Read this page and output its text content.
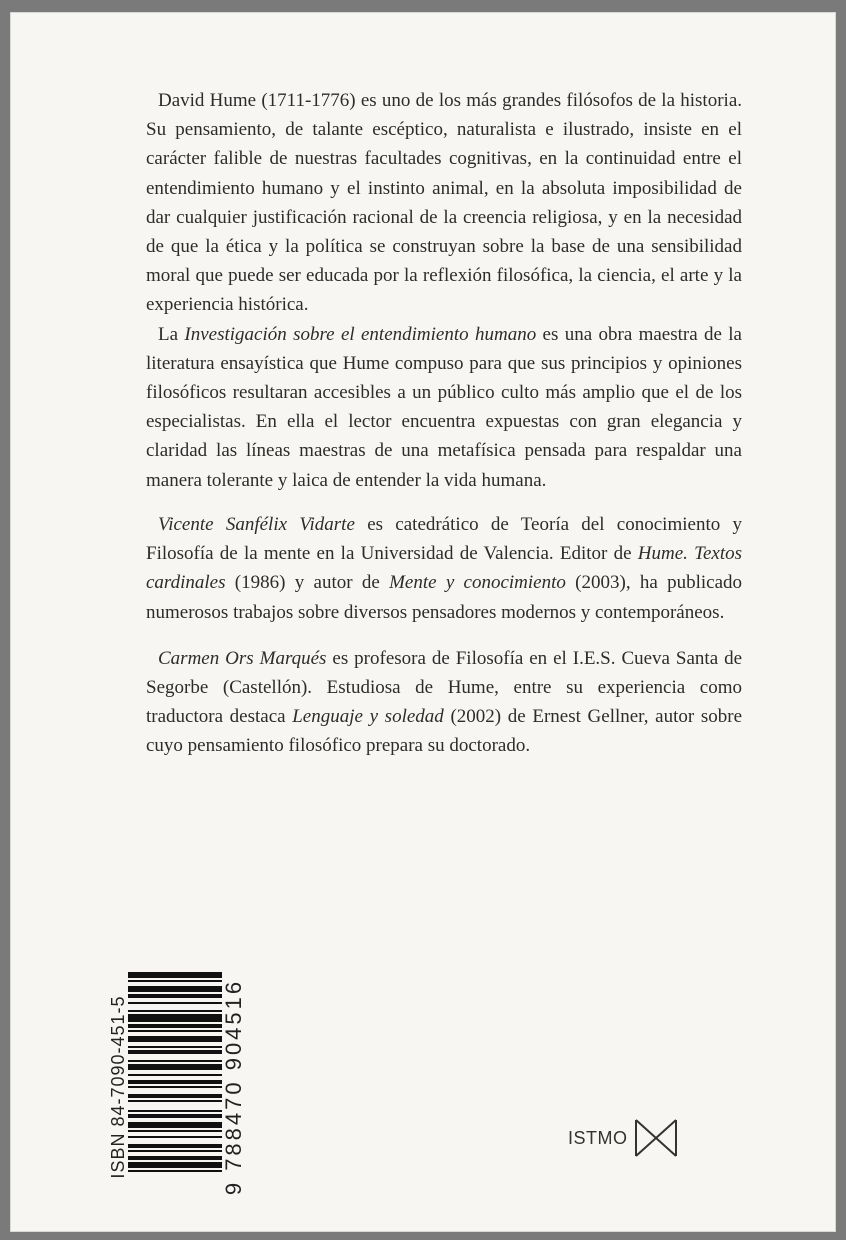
David Hume (1711-1776) es uno de los más grandes filósofos de la historia. Su pensamiento, de talante escéptico, naturalista e ilustrado, insiste en el carácter falible de nuestras facultades cognitivas, en la continuidad entre el entendimiento humano y el instinto animal, en la absoluta imposibilidad de dar cualquier justificación racional de la creencia religiosa, y en la necesidad de que la ética y la política se construyan sobre la base de una sensibilidad moral que puede ser educada por la reflexión filosófica, la ciencia, el arte y la experiencia histórica.

La Investigación sobre el entendimiento humano es una obra maestra de la literatura ensayística que Hume compuso para que sus principios y opiniones filosóficos resultaran accesibles a un público culto más amplio que el de los especialistas. En ella el lector encuentra expuestas con gran elegancia y claridad las líneas maestras de una metafísica pensada para respaldar una manera tolerante y laica de entender la vida humana.

Vicente Sanfélix Vidarte es catedrático de Teoría del conocimiento y Filosofía de la mente en la Universidad de Valencia. Editor de Hume. Textos cardinales (1986) y autor de Mente y conocimiento (2003), ha publicado numerosos trabajos sobre diversos pensadores modernos y contemporáneos.

Carmen Ors Marqués es profesora de Filosofía en el I.E.S. Cueva Santa de Segorbe (Castellón). Estudiosa de Hume, entre su experiencia como traductora destaca Lenguaje y soledad (2002) de Ernest Gellner, autor sobre cuyo pensamiento filosófico prepara su doctorado.

ISBN 84-7090-451-5	9 788470 904516	ISTMO
